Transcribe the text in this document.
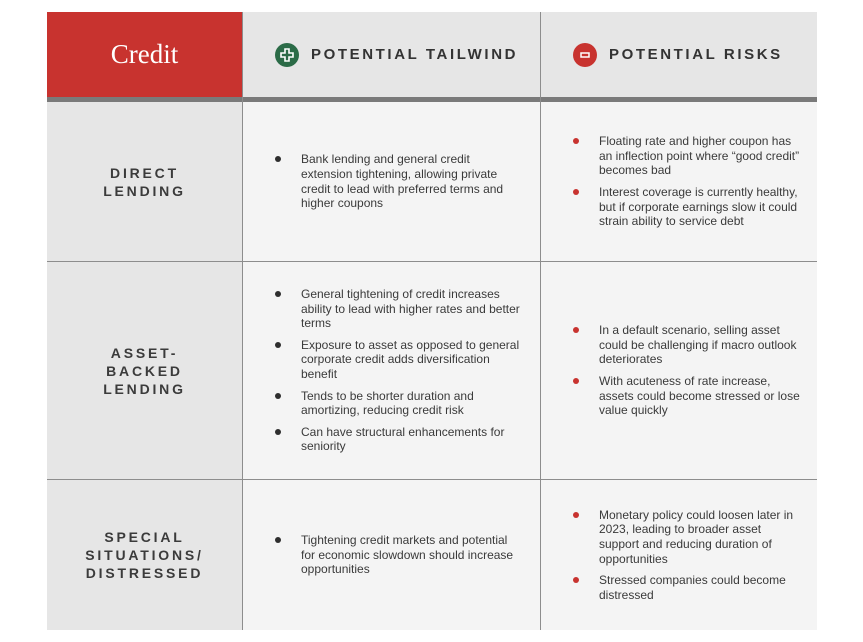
Credit	POTENTIAL TAILWIND	POTENTIAL RISKS
DIRECT
LENDING
Bank lending and general credit extension tightening, allowing private credit to lead with preferred terms and higher coupons
Floating rate and higher coupon has an inflection point where “good credit” becomes bad
Interest coverage is currently healthy, but if corporate earnings slow it could strain ability to service debt
ASSET-
BACKED
LENDING
General tightening of credit increases ability to lead with higher rates and better terms
Exposure to asset as opposed to general corporate credit adds diversification benefit
Tends to be shorter duration and amortizing, reducing credit risk
Can have structural enhancements for seniority
In a default scenario, selling asset could be challenging if macro outlook deteriorates
With acuteness of rate increase, assets could become stressed or lose value quickly
SPECIAL
SITUATIONS/
DISTRESSED
Tightening credit markets and potential for economic slowdown should increase opportunities
Monetary policy could loosen later in 2023, leading to broader asset support and reducing duration of opportunities
Stressed companies could become distressed
